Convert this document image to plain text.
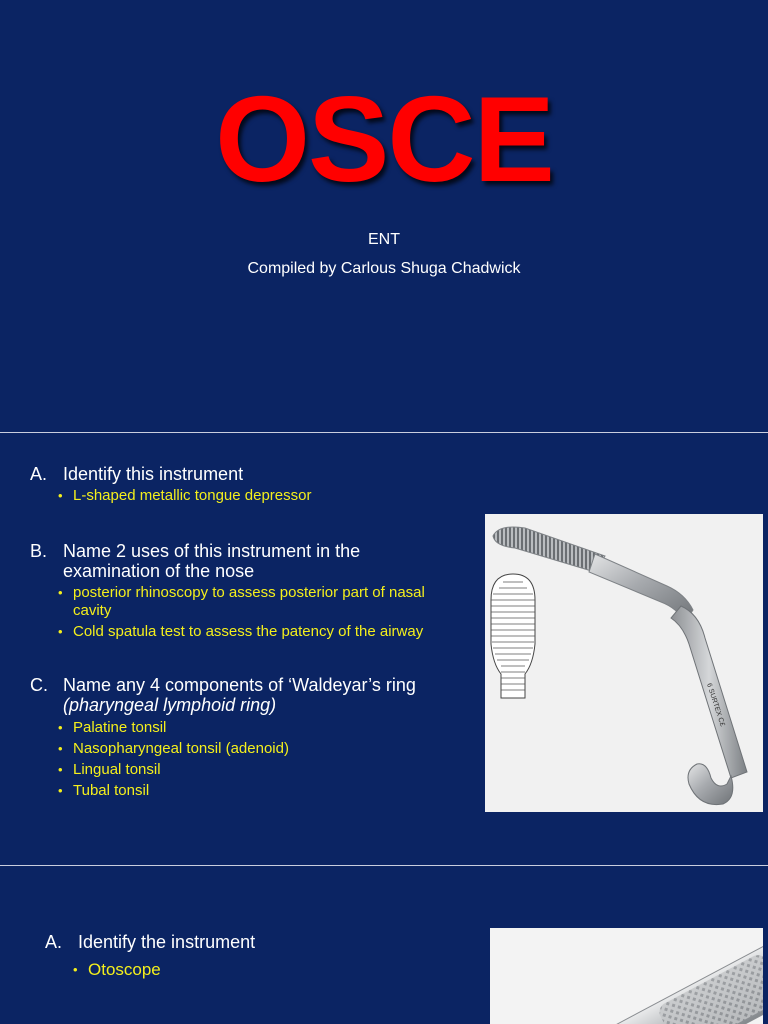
OSCE
ENT
Compiled by Carlous Shuga Chadwick
A. Identify this instrument
• L-shaped metallic tongue depressor
B. Name 2 uses of this instrument in the examination of the nose
• posterior rhinoscopy to assess posterior part of nasal cavity
• Cold spatula test to assess the patency of the airway
C. Name any 4 components of ‘Waldeyar’s ring
(pharyngeal lymphoid ring)
• Palatine tonsil
• Nasopharyngeal tonsil (adenoid)
• Lingual tonsil
• Tubal tonsil
6 SURTEX C£
A. Identify the instrument
• Otoscope
